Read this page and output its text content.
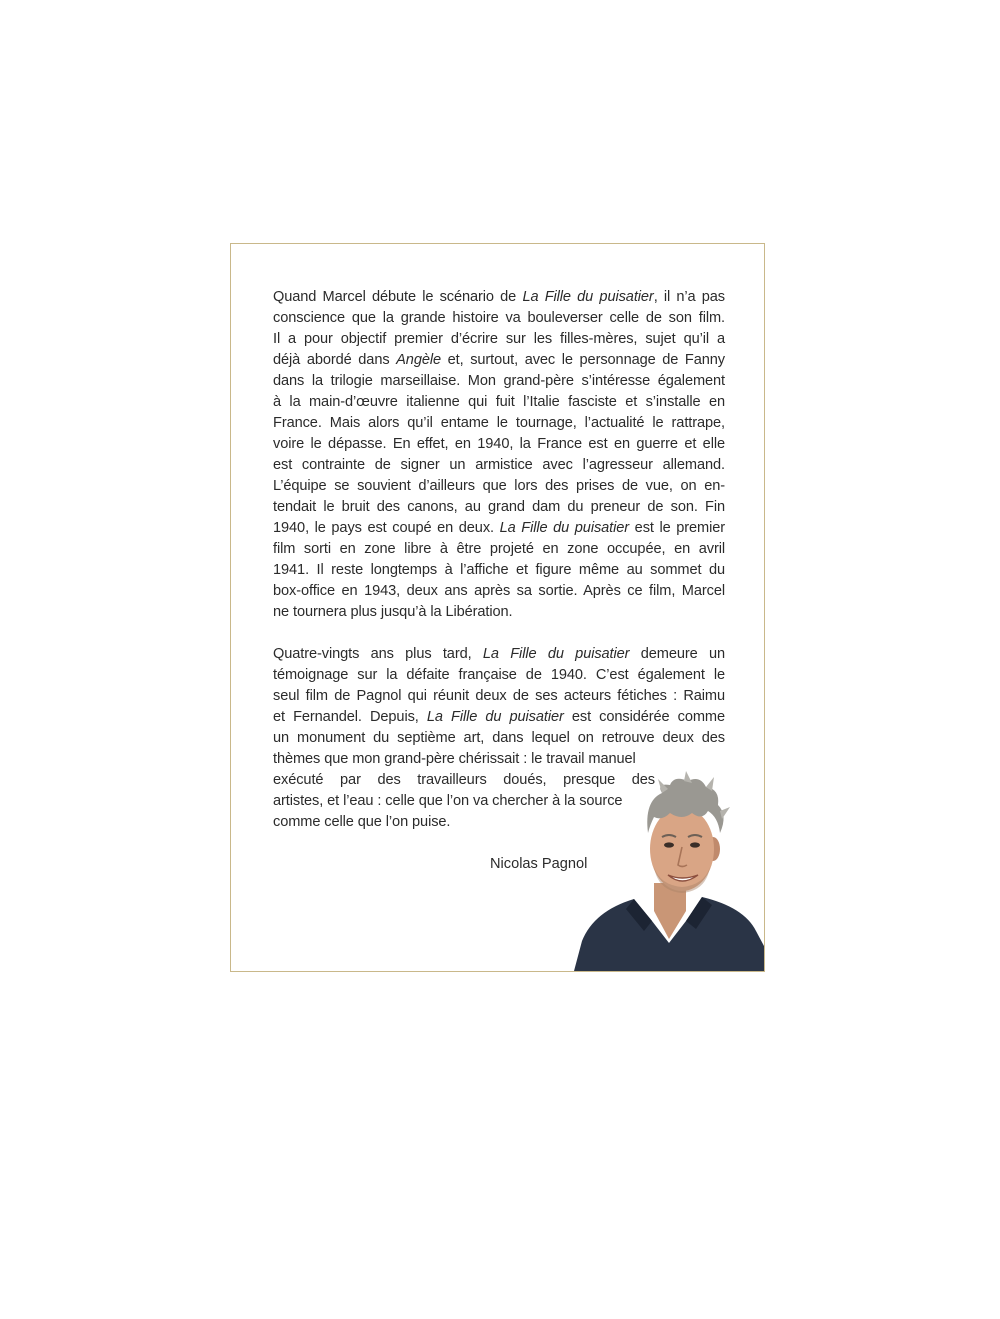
Quand Marcel débute le scénario de La Fille du puisatier, il n’a pas
conscience que la grande histoire va bouleverser celle de son film.
Il a pour objectif premier d’écrire sur les filles-mères, sujet qu’il a
déjà abordé dans Angèle et, surtout, avec le personnage de Fanny
dans la trilogie marseillaise. Mon grand-père s’intéresse également
à la main-d’œuvre italienne qui fuit l’Italie fasciste et s’installe en
France. Mais alors qu’il entame le tournage, l’actualité le rattrape,
voire le dépasse. En effet, en 1940, la France est en guerre et elle
est contrainte de signer un armistice avec l’agresseur allemand.
L’équipe se souvient d’ailleurs que lors des prises de vue, on en-
tendait le bruit des canons, au grand dam du preneur de son. Fin
1940, le pays est coupé en deux. La Fille du puisatier est le premier
film sorti en zone libre à être projeté en zone occupée, en avril
1941. Il reste longtemps à l’affiche et figure même au sommet du
box-office en 1943, deux ans après sa sortie. Après ce film, Marcel
ne tournera plus jusqu’à la Libération.

Quatre-vingts ans plus tard, La Fille du puisatier demeure un
témoignage sur la défaite française de 1940. C’est également le
seul film de Pagnol qui réunit deux de ses acteurs fétiches : Raimu
et Fernandel. Depuis, La Fille du puisatier est considérée comme
un monument du septième art, dans lequel on retrouve deux des
thèmes que mon grand-père chérissait : le travail manuel
exécuté par des travailleurs doués, presque des
artistes, et l’eau : celle que l’on va chercher à la source
comme celle que l’on puise.

Nicolas Pagnol
